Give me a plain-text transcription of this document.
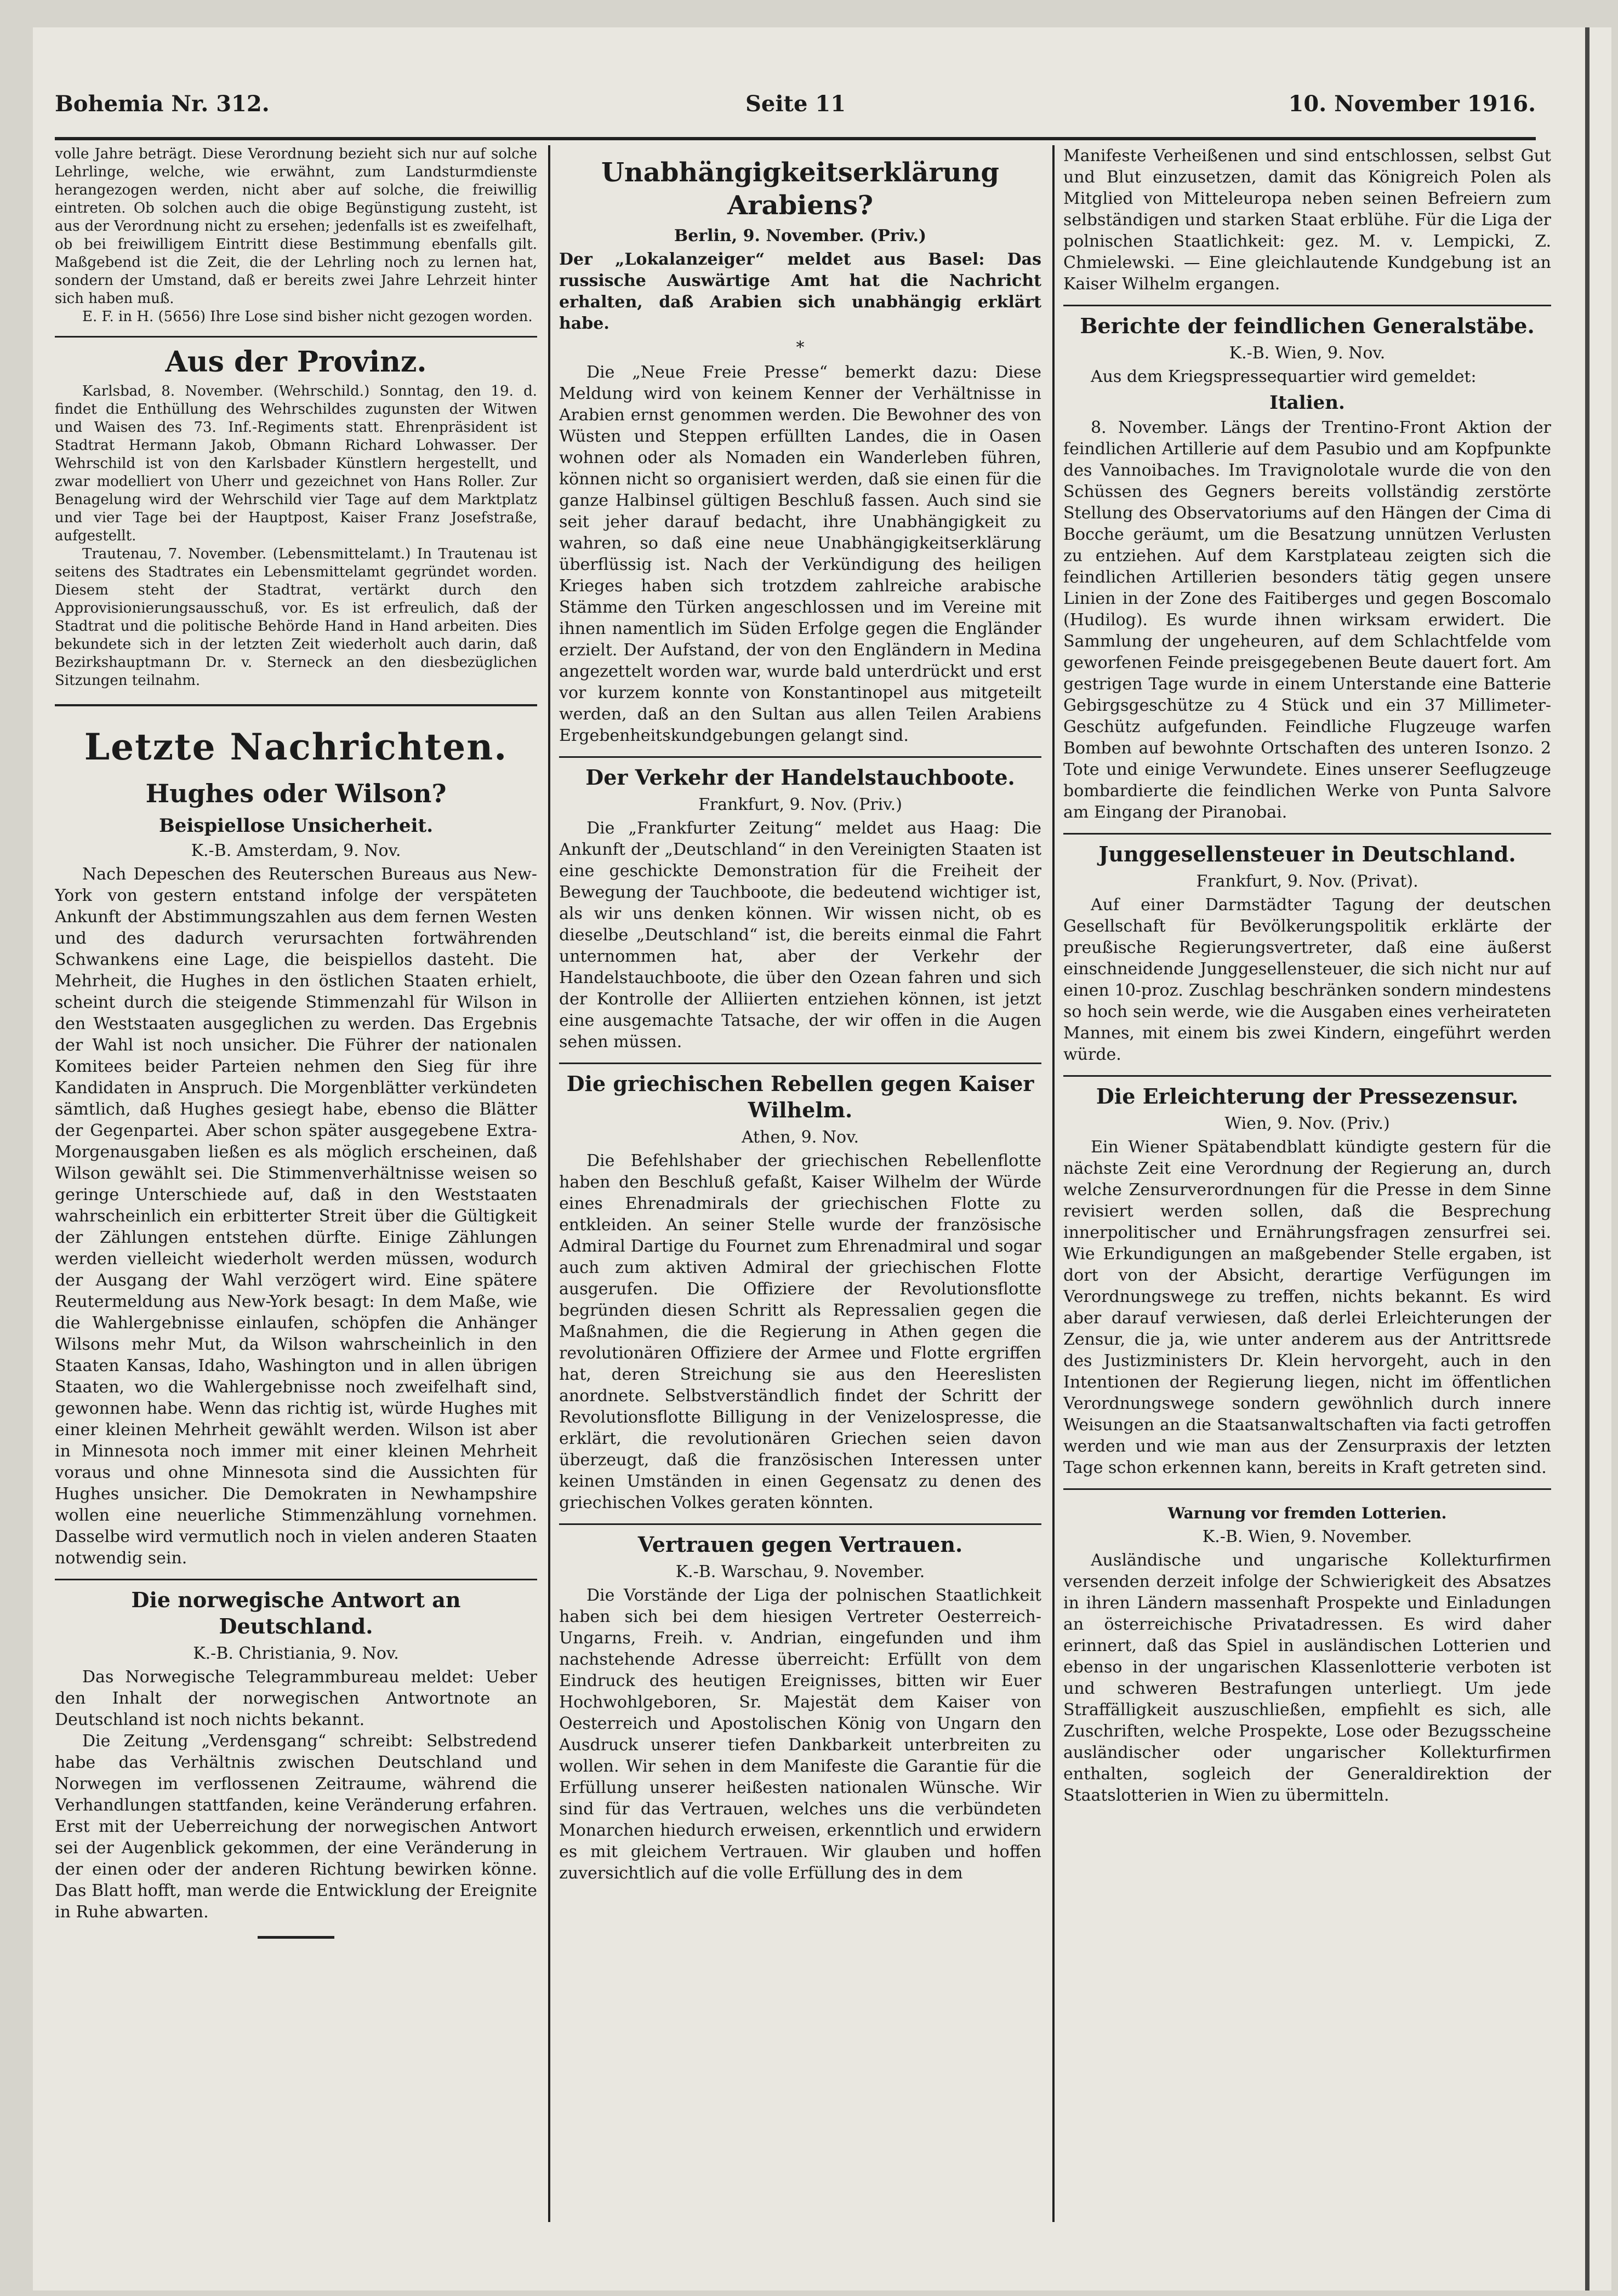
Bohemia Nr. 312.	Seite 11	10. November 1916.

volle Jahre beträgt. Diese Verordnung bezieht sich nur auf solche Lehrlinge, welche, wie erwähnt, zum Landsturmdienste herangezogen werden, nicht aber auf solche, die freiwillig eintreten. Ob solchen auch die obige Begünstigung zusteht, ist aus der Verordnung nicht zu ersehen; jedenfalls ist es zweifelhaft, ob bei freiwilligem Eintritt diese Bestimmung ebenfalls gilt. Maßgebend ist die Zeit, die der Lehrling noch zu lernen hat, sondern der Umstand, daß er bereits zwei Jahre Lehrzeit hinter sich haben muß.

E. F. in H. (5656) Ihre Lose sind bisher nicht gezogen worden.

Aus der Provinz.

Karlsbad, 8. November. (Wehrschild.) Sonntag, den 19. d. findet die Enthüllung des Wehrschildes zugunsten der Witwen und Waisen des 73. Inf.-Regiments statt. Ehrenpräsident ist Stadtrat Hermann Jakob, Obmann Richard Lohwasser. Der Wehrschild ist von den Karlsbader Künstlern hergestellt, und zwar modelliert von Uherr und gezeichnet von Hans Roller. Zur Benagelung wird der Wehrschild vier Tage auf dem Marktplatz und vier Tage bei der Hauptpost, Kaiser Franz Josefstraße, aufgestellt.

Trautenau, 7. November. (Lebensmittelamt.) In Trautenau ist seitens des Stadtrates ein Lebensmittelamt gegründet worden. Diesem steht der Stadtrat, vertärkt durch den Approvisionierungsausschuß, vor. Es ist erfreulich, daß der Stadtrat und die politische Behörde Hand in Hand arbeiten. Dies bekundete sich in der letzten Zeit wiederholt auch darin, daß Bezirkshauptmann Dr. v. Sterneck an den diesbezüglichen Sitzungen teilnahm.

Letzte Nachrichten.
Hughes oder Wilson?
Beispiellose Unsicherheit.
K.-B. Amsterdam, 9. Nov.

Nach Depeschen des Reuterschen Bureaus aus New-York von gestern entstand infolge der verspäteten Ankunft der Abstimmungszahlen aus dem fernen Westen und des dadurch verursachten fortwährenden Schwankens eine Lage, die beispiellos dasteht. Die Mehrheit, die Hughes in den östlichen Staaten erhielt, scheint durch die steigende Stimmenzahl für Wilson in den Weststaaten ausgeglichen zu werden. Das Ergebnis der Wahl ist noch unsicher. Die Führer der nationalen Komitees beider Parteien nehmen den Sieg für ihre Kandidaten in Anspruch. Die Morgenblätter verkündeten sämtlich, daß Hughes gesiegt habe, ebenso die Blätter der Gegenpartei. Aber schon später ausgegebene Extra-Morgenausgaben ließen es als möglich erscheinen, daß Wilson gewählt sei. Die Stimmenverhältnisse weisen so geringe Unterschiede auf, daß in den Weststaaten wahrscheinlich ein erbitterter Streit über die Gültigkeit der Zählungen entstehen dürfte. Einige Zählungen werden vielleicht wiederholt werden müssen, wodurch der Ausgang der Wahl verzögert wird. Eine spätere Reutermeldung aus New-York besagt: In dem Maße, wie die Wahlergebnisse einlaufen, schöpfen die Anhänger Wilsons mehr Mut, da Wilson wahrscheinlich in den Staaten Kansas, Idaho, Washington und in allen übrigen Staaten, wo die Wahlergebnisse noch zweifelhaft sind, gewonnen habe. Wenn das richtig ist, würde Hughes mit einer kleinen Mehrheit gewählt werden. Wilson ist aber in Minnesota noch immer mit einer kleinen Mehrheit voraus und ohne Minnesota sind die Aussichten für Hughes unsicher. Die Demokraten in Newhampshire wollen eine neuerliche Stimmenzählung vornehmen. Dasselbe wird vermutlich noch in vielen anderen Staaten notwendig sein.

Die norwegische Antwort an Deutschland.
K.-B. Christiania, 9. Nov.

Das Norwegische Telegrammbureau meldet: Ueber den Inhalt der norwegischen Antwortnote an Deutschland ist noch nichts bekannt.

Die Zeitung „Verdensgang“ schreibt: Selbstredend habe das Verhältnis zwischen Deutschland und Norwegen im verflossenen Zeitraume, während die Verhandlungen stattfanden, keine Veränderung erfahren. Erst mit der Ueberreichung der norwegischen Antwort sei der Augenblick gekommen, der eine Veränderung in der einen oder der anderen Richtung bewirken könne. Das Blatt hofft, man werde die Entwicklung der Ereignite in Ruhe abwarten.

Unabhängigkeitserklärung Arabiens?
Berlin, 9. November. (Priv.)

Der „Lokalanzeiger“ meldet aus Basel: Das russische Auswärtige Amt hat die Nachricht erhalten, daß Arabien sich unabhängig erklärt habe.

*

Die „Neue Freie Presse“ bemerkt dazu: Diese Meldung wird von keinem Kenner der Verhältnisse in Arabien ernst genommen werden. Die Bewohner des von Wüsten und Steppen erfüllten Landes, die in Oasen wohnen oder als Nomaden ein Wanderleben führen, können nicht so organisiert werden, daß sie einen für die ganze Halbinsel gültigen Beschluß fassen. Auch sind sie seit jeher darauf bedacht, ihre Unabhängigkeit zu wahren, so daß eine neue Unabhängigkeitserklärung überflüssig ist. Nach der Verkündigung des heiligen Krieges haben sich trotzdem zahlreiche arabische Stämme den Türken angeschlossen und im Vereine mit ihnen namentlich im Süden Erfolge gegen die Engländer erzielt. Der Aufstand, der von den Engländern in Medina angezettelt worden war, wurde bald unterdrückt und erst vor kurzem konnte von Konstantinopel aus mitgeteilt werden, daß an den Sultan aus allen Teilen Arabiens Ergebenheitskundgebungen gelangt sind.

Der Verkehr der Handelstauchboote.
Frankfurt, 9. Nov. (Priv.)

Die „Frankfurter Zeitung“ meldet aus Haag: Die Ankunft der „Deutschland“ in den Vereinigten Staaten ist eine geschickte Demonstration für die Freiheit der Bewegung der Tauchboote, die bedeutend wichtiger ist, als wir uns denken können. Wir wissen nicht, ob es dieselbe „Deutschland“ ist, die bereits einmal die Fahrt unternommen hat, aber der Verkehr der Handelstauchboote, die über den Ozean fahren und sich der Kontrolle der Alliierten entziehen können, ist jetzt eine ausgemachte Tatsache, der wir offen in die Augen sehen müssen.

Die griechischen Rebellen gegen Kaiser Wilhelm.
Athen, 9. Nov.

Die Befehlshaber der griechischen Rebellenflotte haben den Beschluß gefaßt, Kaiser Wilhelm der Würde eines Ehrenadmirals der griechischen Flotte zu entkleiden. An seiner Stelle wurde der französische Admiral Dartige du Fournet zum Ehrenadmiral und sogar auch zum aktiven Admiral der griechischen Flotte ausgerufen. Die Offiziere der Revolutionsflotte begründen diesen Schritt als Repressalien gegen die Maßnahmen, die die Regierung in Athen gegen die revolutionären Offiziere der Armee und Flotte ergriffen hat, deren Streichung sie aus den Heereslisten anordnete. Selbstverständlich findet der Schritt der Revolutionsflotte Billigung in der Venizelospresse, die erklärt, die revolutionären Griechen seien davon überzeugt, daß die französischen Interessen unter keinen Umständen in einen Gegensatz zu denen des griechischen Volkes geraten könnten.

Vertrauen gegen Vertrauen.
K.-B. Warschau, 9. November.

Die Vorstände der Liga der polnischen Staatlichkeit haben sich bei dem hiesigen Vertreter Oesterreich-Ungarns, Freih. v. Andrian, eingefunden und ihm nachstehende Adresse überreicht: Erfüllt von dem Eindruck des heutigen Ereignisses, bitten wir Euer Hochwohlgeboren, Sr. Majestät dem Kaiser von Oesterreich und Apostolischen König von Ungarn den Ausdruck unserer tiefen Dankbarkeit unterbreiten zu wollen. Wir sehen in dem Manifeste die Garantie für die Erfüllung unserer heißesten nationalen Wünsche. Wir sind für das Vertrauen, welches uns die verbündeten Monarchen hiedurch erweisen, erkenntlich und erwidern es mit gleichem Vertrauen. Wir glauben und hoffen zuversichtlich auf die volle Erfüllung des in dem

Manifeste Verheißenen und sind entschlossen, selbst Gut und Blut einzusetzen, damit das Königreich Polen als Mitglied von Mitteleuropa neben seinen Befreiern zum selbständigen und starken Staat erblühe. Für die Liga der polnischen Staatlichkeit: gez. M. v. Lempicki, Z. Chmielewski. — Eine gleichlautende Kundgebung ist an Kaiser Wilhelm ergangen.

Berichte der feindlichen Generalstäbe.
K.-B. Wien, 9. Nov.

Aus dem Kriegspressequartier wird gemeldet:

Italien.

8. November. Längs der Trentino-Front Aktion der feindlichen Artillerie auf dem Pasubio und am Kopfpunkte des Vannoibaches. Im Travignolotale wurde die von den Schüssen des Gegners bereits vollständig zerstörte Stellung des Observatoriums auf den Hängen der Cima di Bocche geräumt, um die Besatzung unnützen Verlusten zu entziehen. Auf dem Karstplateau zeigten sich die feindlichen Artillerien besonders tätig gegen unsere Linien in der Zone des Faitiberges und gegen Boscomalo (Hudilog). Es wurde ihnen wirksam erwidert. Die Sammlung der ungeheuren, auf dem Schlachtfelde vom geworfenen Feinde preisgegebenen Beute dauert fort. Am gestrigen Tage wurde in einem Unterstande eine Batterie Gebirgsgeschütze zu 4 Stück und ein 37 Millimeter-Geschütz aufgefunden. Feindliche Flugzeuge warfen Bomben auf bewohnte Ortschaften des unteren Isonzo. 2 Tote und einige Verwundete. Eines unserer Seeflugzeuge bombardierte die feindlichen Werke von Punta Salvore am Eingang der Piranobai.

Junggesellensteuer in Deutschland.
Frankfurt, 9. Nov. (Privat).

Auf einer Darmstädter Tagung der deutschen Gesellschaft für Bevölkerungspolitik erklärte der preußische Regierungsvertreter, daß eine äußerst einschneidende Junggesellensteuer, die sich nicht nur auf einen 10-proz. Zuschlag beschränken sondern mindestens so hoch sein werde, wie die Ausgaben eines verheirateten Mannes, mit einem bis zwei Kindern, eingeführt werden würde.

Die Erleichterung der Pressezensur.
Wien, 9. Nov. (Priv.)

Ein Wiener Spätabendblatt kündigte gestern für die nächste Zeit eine Verordnung der Regierung an, durch welche Zensurverordnungen für die Presse in dem Sinne revisiert werden sollen, daß die Besprechung innerpolitischer und Ernährungsfragen zensurfrei sei. Wie Erkundigungen an maßgebender Stelle ergaben, ist dort von der Absicht, derartige Verfügungen im Verordnungswege zu treffen, nichts bekannt. Es wird aber darauf verwiesen, daß derlei Erleichterungen der Zensur, die ja, wie unter anderem aus der Antrittsrede des Justizministers Dr. Klein hervorgeht, auch in den Intentionen der Regierung liegen, nicht im öffentlichen Verordnungswege sondern gewöhnlich durch innere Weisungen an die Staatsanwaltschaften via facti getroffen werden und wie man aus der Zensurpraxis der letzten Tage schon erkennen kann, bereits in Kraft getreten sind.

Warnung vor fremden Lotterien.
K.-B. Wien, 9. November.

Ausländische und ungarische Kollekturfirmen versenden derzeit infolge der Schwierigkeit des Absatzes in ihren Ländern massenhaft Prospekte und Einladungen an österreichische Privatadressen. Es wird daher erinnert, daß das Spiel in ausländischen Lotterien und ebenso in der ungarischen Klassenlotterie verboten ist und schweren Bestrafungen unterliegt. Um jede Straffälligkeit auszuschließen, empfiehlt es sich, alle Zuschriften, welche Prospekte, Lose oder Bezugsscheine ausländischer oder ungarischer Kollekturfirmen enthalten, sogleich der Generaldirektion der Staatslotterien in Wien zu übermitteln.
